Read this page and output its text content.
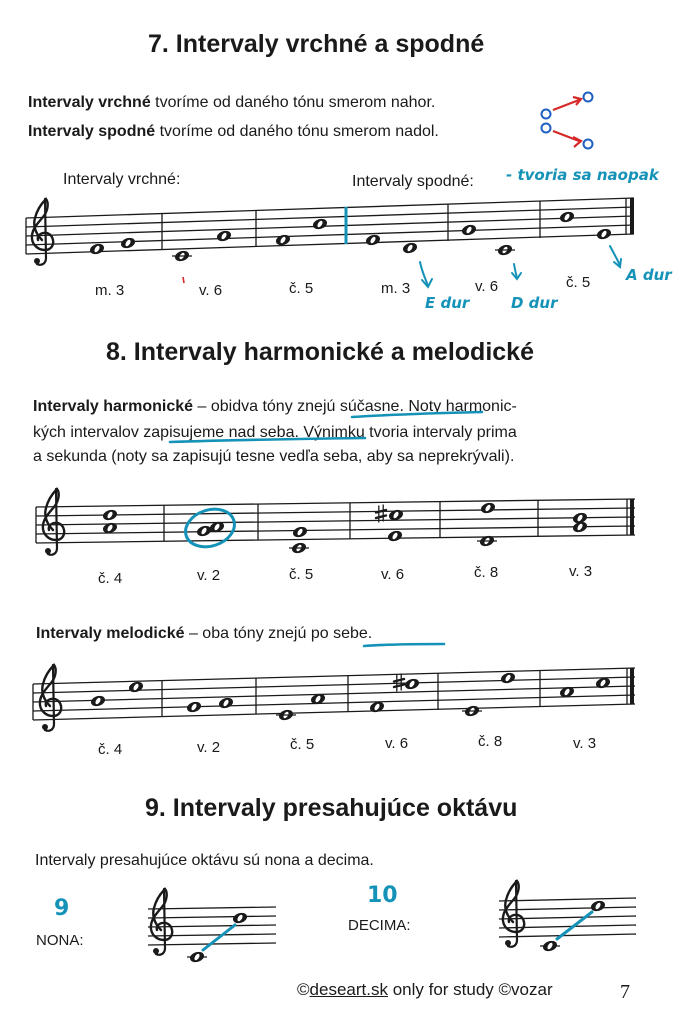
7. Intervaly vrchné a spodné
Intervaly vrchné tvoríme od daného tónu smerom nahor.
Intervaly spodné tvoríme od daného tónu smerom nadol.
Intervaly vrchné:	Intervaly spodné: - tvoria sa naopak
m. 3	v. 6	č. 5	m. 3	v. 6	č. 5
E dur	D dur
A dur
8. Intervaly harmonické a melodické
Intervaly harmonické – obidva tóny znejú súčasne. Noty harmonic-
kých intervalov zapisujeme nad seba. Výnimku tvoria intervaly prima
a sekunda (noty sa zapisujú tesne vedľa seba, aby sa neprekrývali).
č. 4	v. 2	č. 5	v. 6	č. 8	v. 3
Intervaly melodické – oba tóny znejú po sebe.
č. 4	v. 2	č. 5	v. 6	č. 8	v. 3
9. Intervaly presahujúce oktávu
Intervaly presahujúce oktávu sú nona a decima.
9
NONA:
10
DECIMA:
©deseart.sk only for study ©vozar	7
